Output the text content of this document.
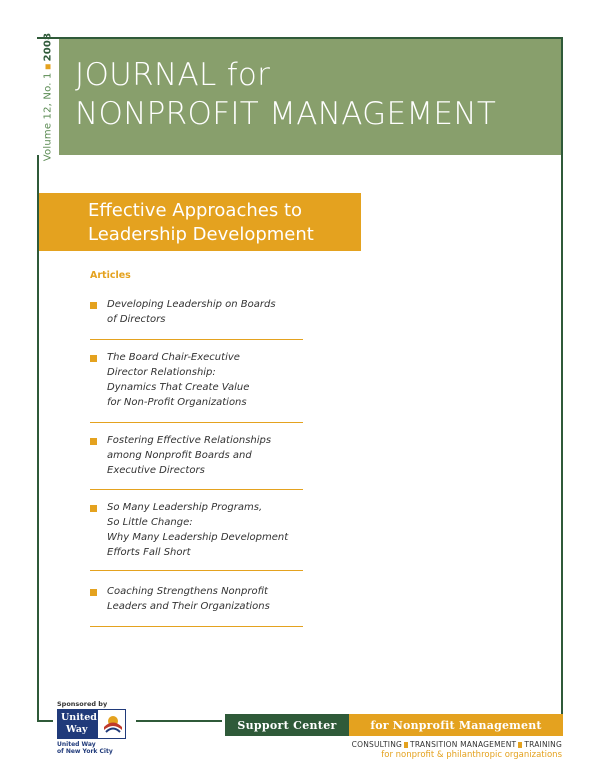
Volume 12, No. 12008
JOURNAL for
NONPROFIT MANAGEMENT
Effective Approaches to
Leadership Development
Articles
Developing Leadership on Boards
of Directors
The Board Chair-Executive
Director Relationship:
Dynamics That Create Value
for Non-Profit Organizations
Fostering Effective Relationships
among Nonprofit Boards and
Executive Directors
So Many Leadership Programs,
So Little Change:
Why Many Leadership Development
Efforts Fall Short
Coaching Strengthens Nonprofit
Leaders and Their Organizations
Sponsored by
United
Way
United Way
of New York City
Support Center	for Nonprofit Management
CONSULTING TRANSITION MANAGEMENT TRAINING
for nonprofit & philanthropic organizations
